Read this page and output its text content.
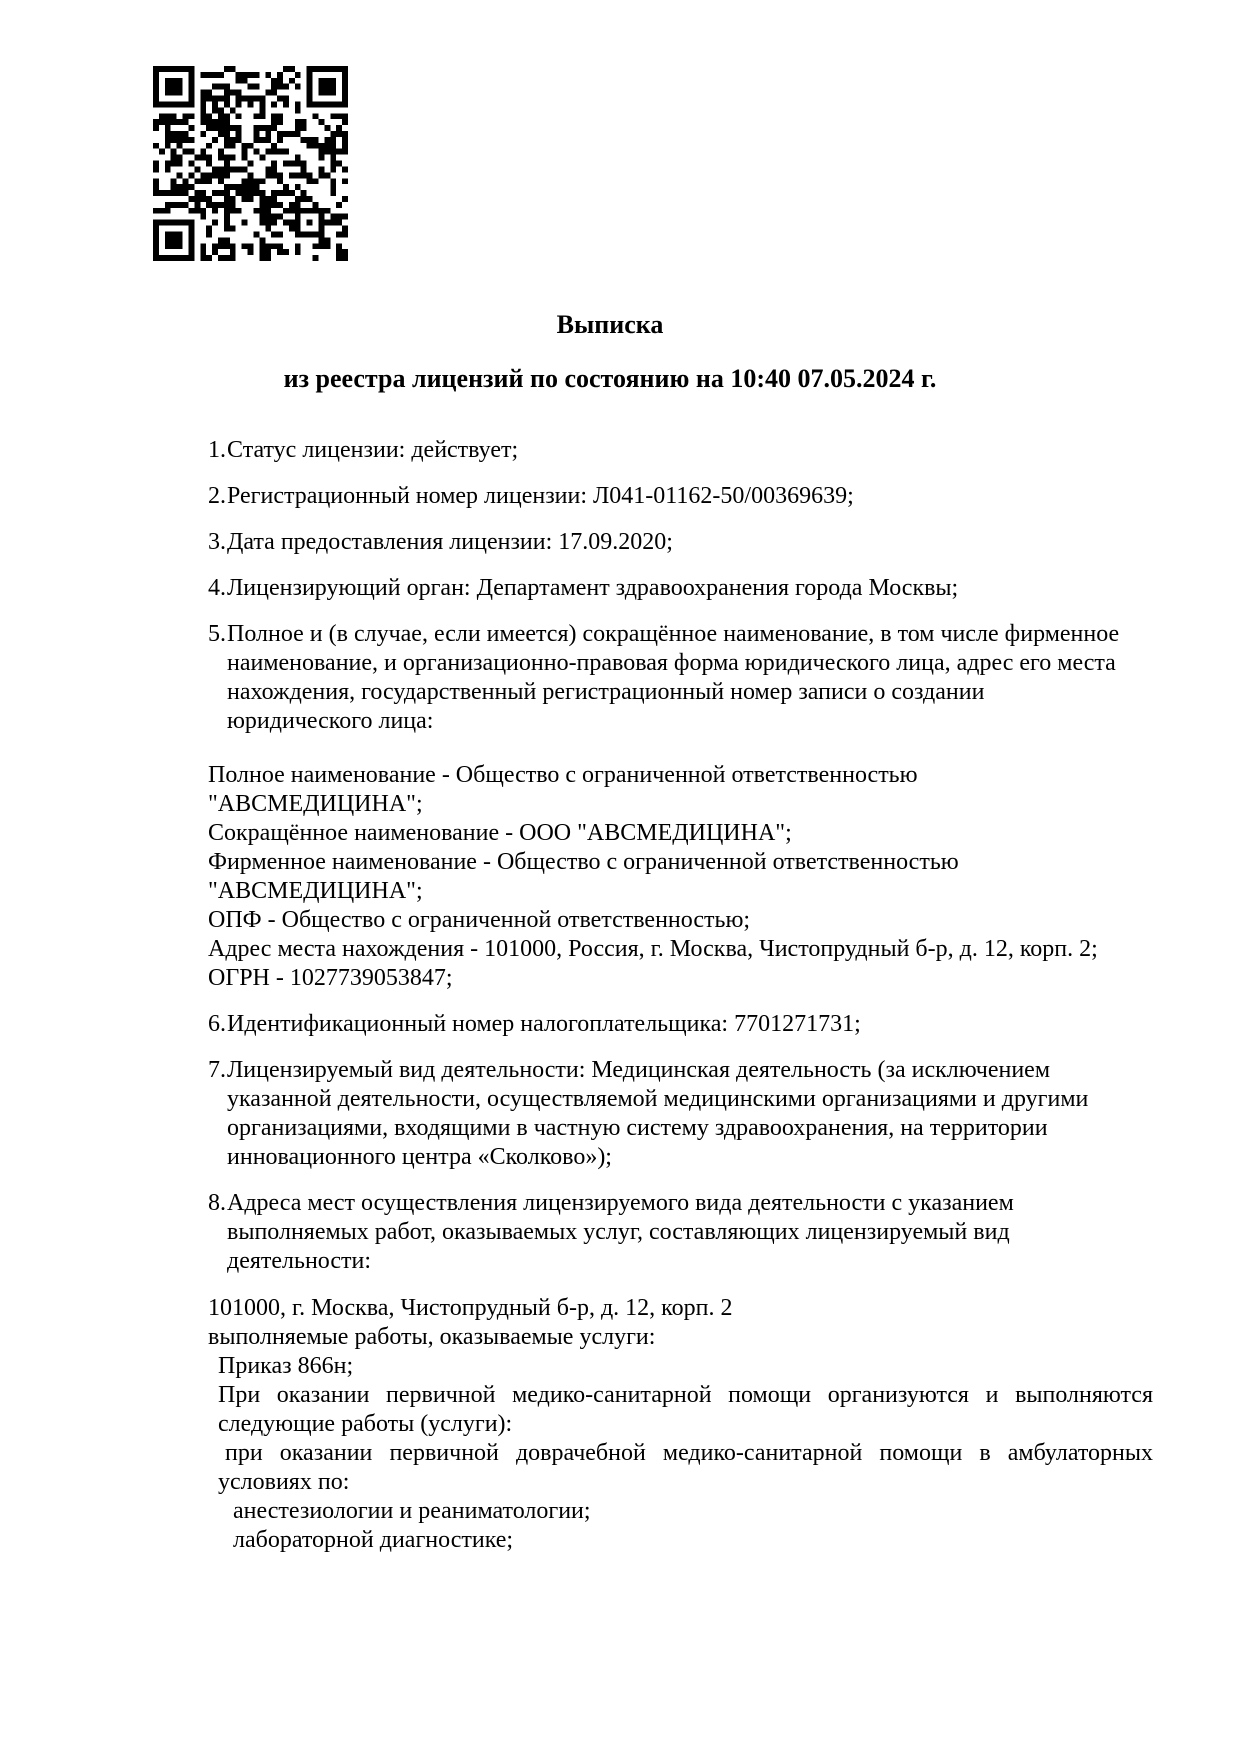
Выписка
из реестра лицензий по состоянию на 10:40 07.05.2024 г.
1. Статус лицензии: действует;
2. Регистрационный номер лицензии: Л041-01162-50/00369639;
3. Дата предоставления лицензии: 17.09.2020;
4. Лицензирующий орган: Департамент здравоохранения города Москвы;
5. Полное и (в случае, если имеется) сокращённое наименование, в том числе фирменное
наименование, и организационно-правовая форма юридического лица, адрес его места
нахождения, государственный регистрационный номер записи о создании
юридического лица:
Полное наименование - Общество с ограниченной ответственностью
"АВСМЕДИЦИНА";
Сокращённое наименование - ООО "АВСМЕДИЦИНА";
Фирменное наименование - Общество с ограниченной ответственностью
"АВСМЕДИЦИНА";
ОПФ - Общество с ограниченной ответственностью;
Адрес места нахождения - 101000, Россия, г. Москва, Чистопрудный б-р, д. 12, корп. 2;
ОГРН - 1027739053847;
6. Идентификационный номер налогоплательщика: 7701271731;
7. Лицензируемый вид деятельности: Медицинская деятельность (за исключением
указанной деятельности, осуществляемой медицинскими организациями и другими
организациями, входящими в частную систему здравоохранения, на территории
инновационного центра «Сколково»);
8. Адреса мест осуществления лицензируемого вида деятельности с указанием
выполняемых работ, оказываемых услуг, составляющих лицензируемый вид
деятельности:
101000, г. Москва, Чистопрудный б-р, д. 12, корп. 2
выполняемые работы, оказываемые услуги:
Приказ 866н;
При оказании первичной медико-санитарной помощи организуются и выполняются
следующие работы (услуги):
при оказании первичной доврачебной медико-санитарной помощи в амбулаторных
условиях по:
анестезиологии и реаниматологии;
лабораторной диагностике;
